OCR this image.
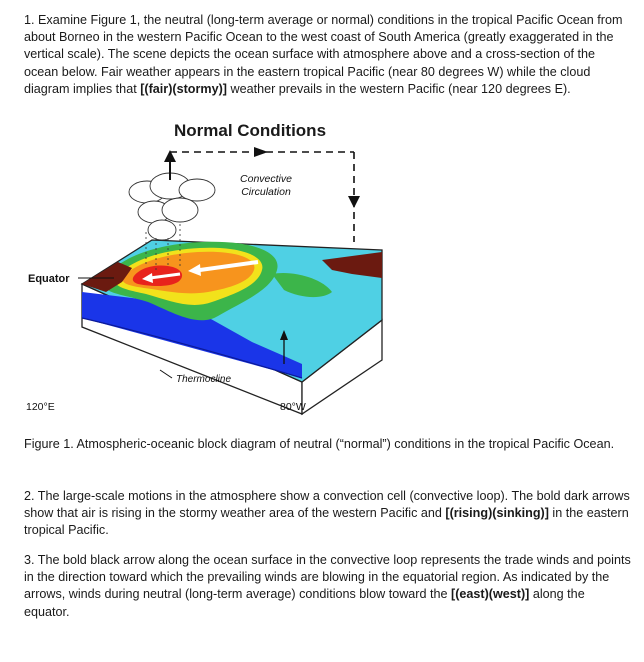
1. Examine Figure 1, the neutral (long-term average or normal) conditions in the tropical Pacific Ocean from about Borneo in the western Pacific Ocean to the west coast of South America (greatly exaggerated in the vertical scale). The scene depicts the ocean surface with atmosphere above and a cross-section of the ocean below. Fair weather appears in the eastern tropical Pacific (near 80 degrees W) while the cloud diagram implies that [(fair)(stormy)] weather prevails in the western Pacific (near 120 degrees E).

Normal Conditions
Convective
Circulation
Equator
Thermocline
120°E	80°W

Figure 1. Atmospheric-oceanic block diagram of neutral (“normal”) conditions in the tropical Pacific Ocean.

2. The large-scale motions in the atmosphere show a convection cell (convective loop). The bold dark arrows show that air is rising in the stormy weather area of the western Pacific and [(rising)(sinking)] in the eastern tropical Pacific.

3. The bold black arrow along the ocean surface in the convective loop represents the trade winds and points in the direction toward which the prevailing winds are blowing in the equatorial region. As indicated by the arrows, winds during neutral (long-term average) conditions blow toward the [(east)(west)] along the equator.
